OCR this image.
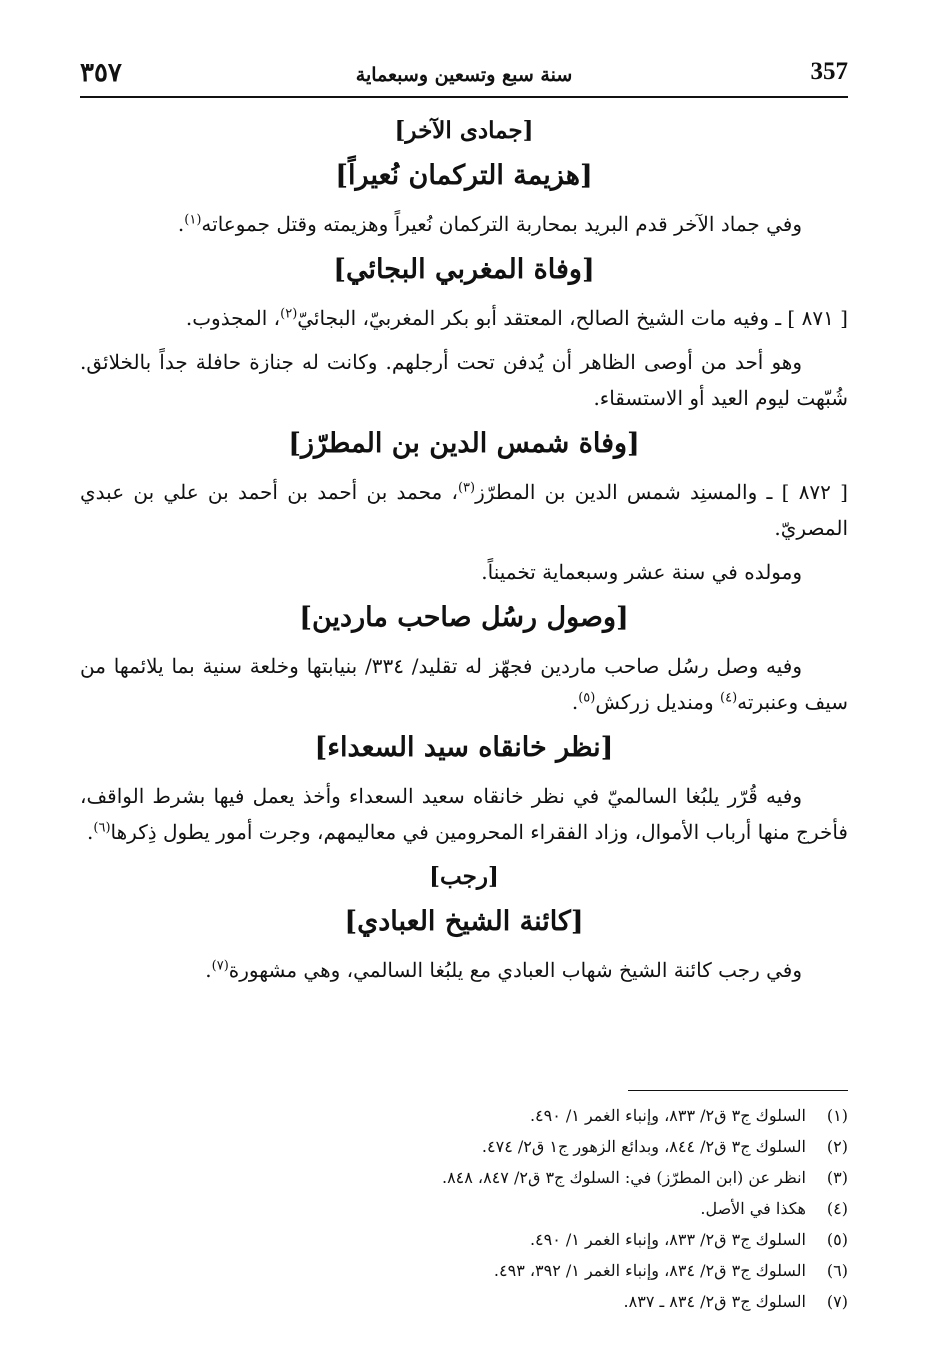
٣٥٧	سنة سبع وتسعين وسبعماية	357
[جمادى الآخر]
[هزيمة التركمان نُعيراً]
وفي جماد الآخر قدم البريد بمحاربة التركمان نُعيراً وهزيمته وقتل جموعاته$^{(١)}$.
[وفاة المغربي البجائي]
[ ٨٧١ ] ـ وفيه مات الشيخ الصالح، المعتقد أبو بكر المغربيّ، البجائيّ$^{(٢)}$، المجذوب.
وهو أحد من أوصى الظاهر أن يُدفن تحت أرجلهم. وكانت له جنازة حافلة جداً بالخلائق. شُبّهت ليوم العيد أو الاستسقاء.
[وفاة شمس الدين بن المطرّز]
[ ٨٧٢ ] ـ والمسنِد شمس الدين بن المطرّز$^{(٣)}$، محمد بن أحمد بن أحمد بن علي بن عبدي المصريّ.
ومولده في سنة عشر وسبعماية تخميناً.
[وصول رسُل صاحب ماردين]
وفيه وصل رسُل صاحب ماردين فجهّز له تقليد/ ٣٣٤/ بنيابتها وخلعة سنية بما يلائمها من سيف وعنبرته$^{(٤)}$ ومنديل زركش$^{(٥)}$.
[نظر خانقاه سيد السعداء]
وفيه قُرّر يلبُغا السالميّ في نظر خانقاه سعيد السعداء وأخذ يعمل فيها بشرط الواقف، فأخرج منها أرباب الأموال، وزاد الفقراء المحرومين في معاليمهم، وجرت أمور يطول ذِكرها$^{(٦)}$.
[رجب]
[كائنة الشيخ العبادي]
وفي رجب كائنة الشيخ شهاب العبادي مع يلبُغا السالمي، وهي مشهورة$^{(٧)}$.
(١)
السلوك ج٣ ق٢/ ٨٣٣، وإنباء الغمر ١/ ٤٩٠.
(٢)
السلوك ج٣ ق٢/ ٨٤٤، وبدائع الزهور ج١ ق٢/ ٤٧٤.
(٣)
انظر عن (ابن المطرّز) في: السلوك ج٣ ق٢/ ٨٤٧، ٨٤٨.
(٤)
هكذا في الأصل.
(٥)
السلوك ج٣ ق٢/ ٨٣٣، وإنباء الغمر ١/ ٤٩٠.
(٦)
السلوك ج٣ ق٢/ ٨٣٤، وإنباء الغمر ١/ ٣٩٢، ٤٩٣.
(٧)
السلوك ج٣ ق٢/ ٨٣٤ ـ ٨٣٧.
